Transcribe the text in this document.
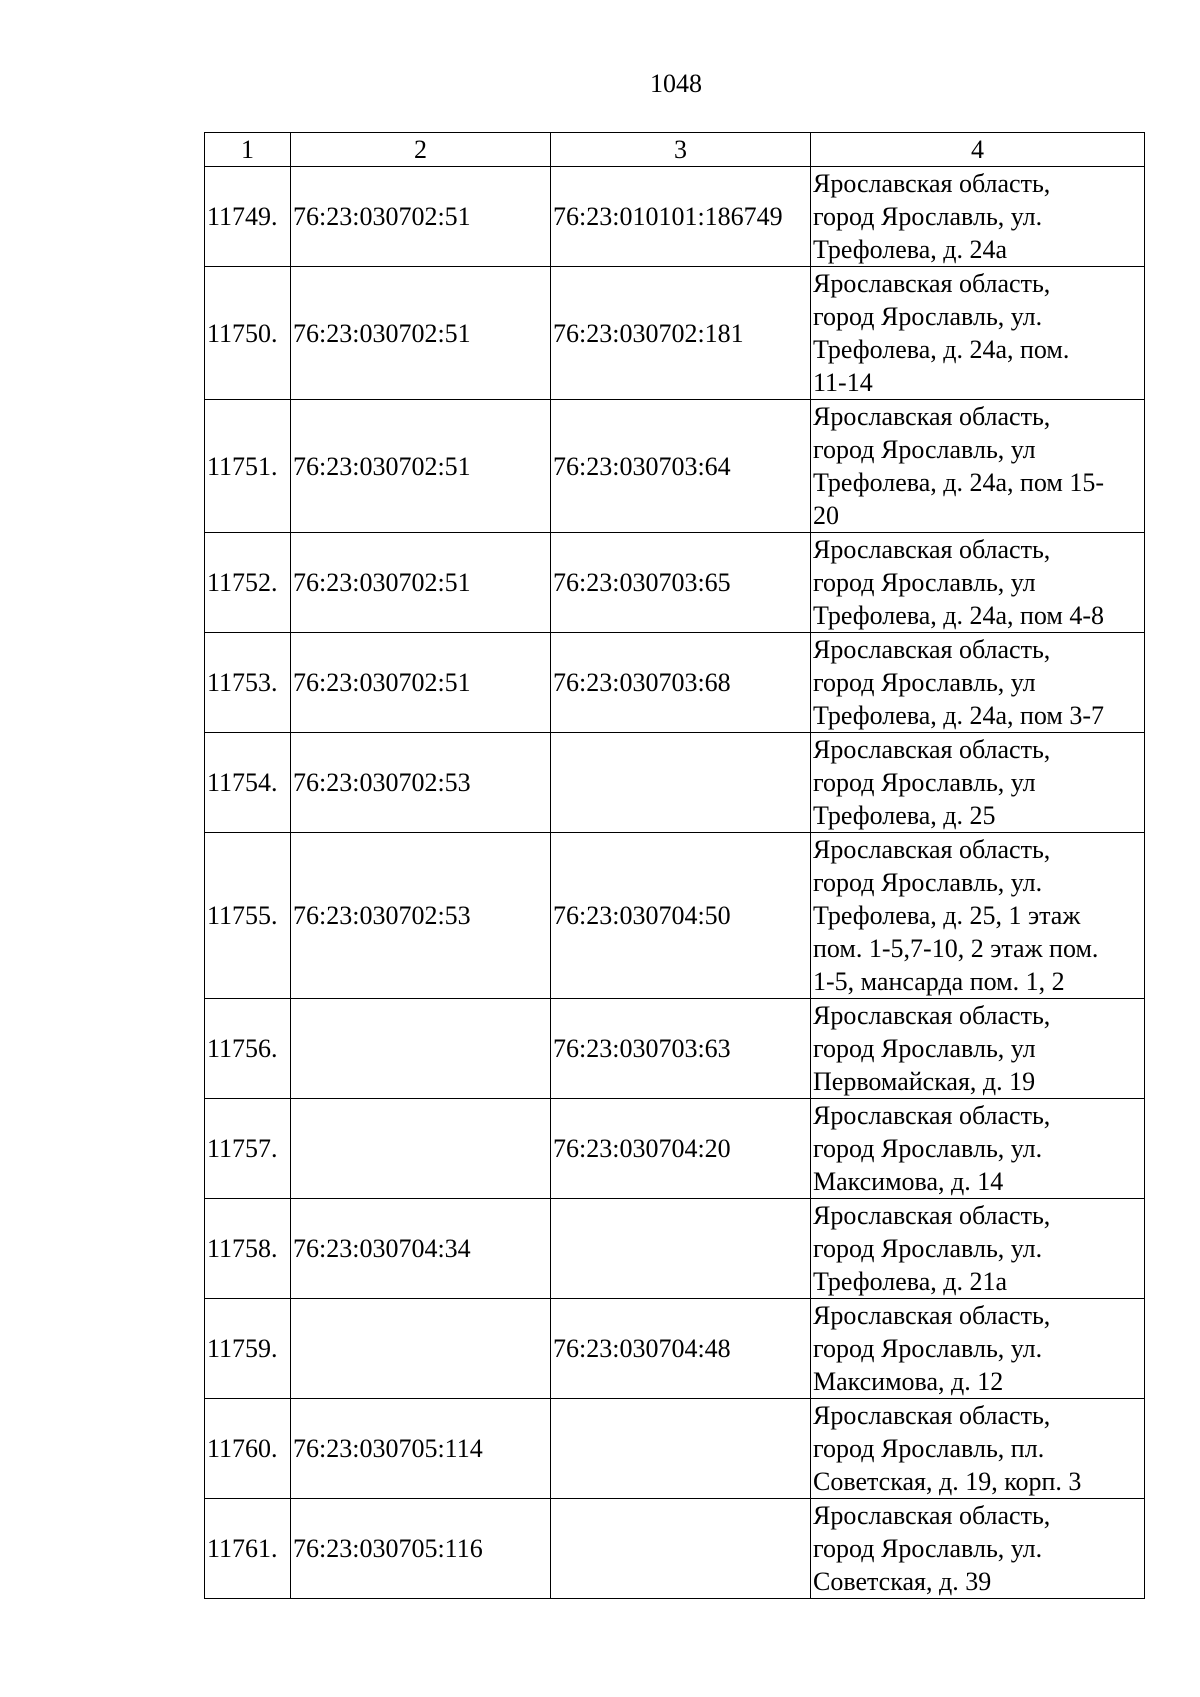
1048
1	2	3	4
11749.	76:23:030702:51	76:23:010101:186749	Ярославская область,
город Ярославль, ул.
Трефолева, д. 24а
11750.	76:23:030702:51	76:23:030702:181	Ярославская область,
город Ярославль, ул.
Трефолева, д. 24а, пом.
11-14
11751.	76:23:030702:51	76:23:030703:64	Ярославская область,
город Ярославль, ул
Трефолева, д. 24а, пом 15-
20
11752.	76:23:030702:51	76:23:030703:65	Ярославская область,
город Ярославль, ул
Трефолева, д. 24а, пом 4-8
11753.	76:23:030702:51	76:23:030703:68	Ярославская область,
город Ярославль, ул
Трефолева, д. 24а, пом 3-7
11754.	76:23:030702:53		Ярославская область,
город Ярославль, ул
Трефолева, д. 25
11755.	76:23:030702:53	76:23:030704:50	Ярославская область,
город Ярославль, ул.
Трефолева, д. 25, 1 этаж
пом. 1-5,7-10, 2 этаж пом.
1-5, мансарда пом. 1, 2
11756.		76:23:030703:63	Ярославская область,
город Ярославль, ул
Первомайская, д. 19
11757.		76:23:030704:20	Ярославская область,
город Ярославль, ул.
Максимова, д. 14
11758.	76:23:030704:34		Ярославская область,
город Ярославль, ул.
Трефолева, д. 21а
11759.		76:23:030704:48	Ярославская область,
город Ярославль, ул.
Максимова, д. 12
11760.	76:23:030705:114		Ярославская область,
город Ярославль, пл.
Советская, д. 19, корп. 3
11761.	76:23:030705:116		Ярославская область,
город Ярославль, ул.
Советская, д. 39
